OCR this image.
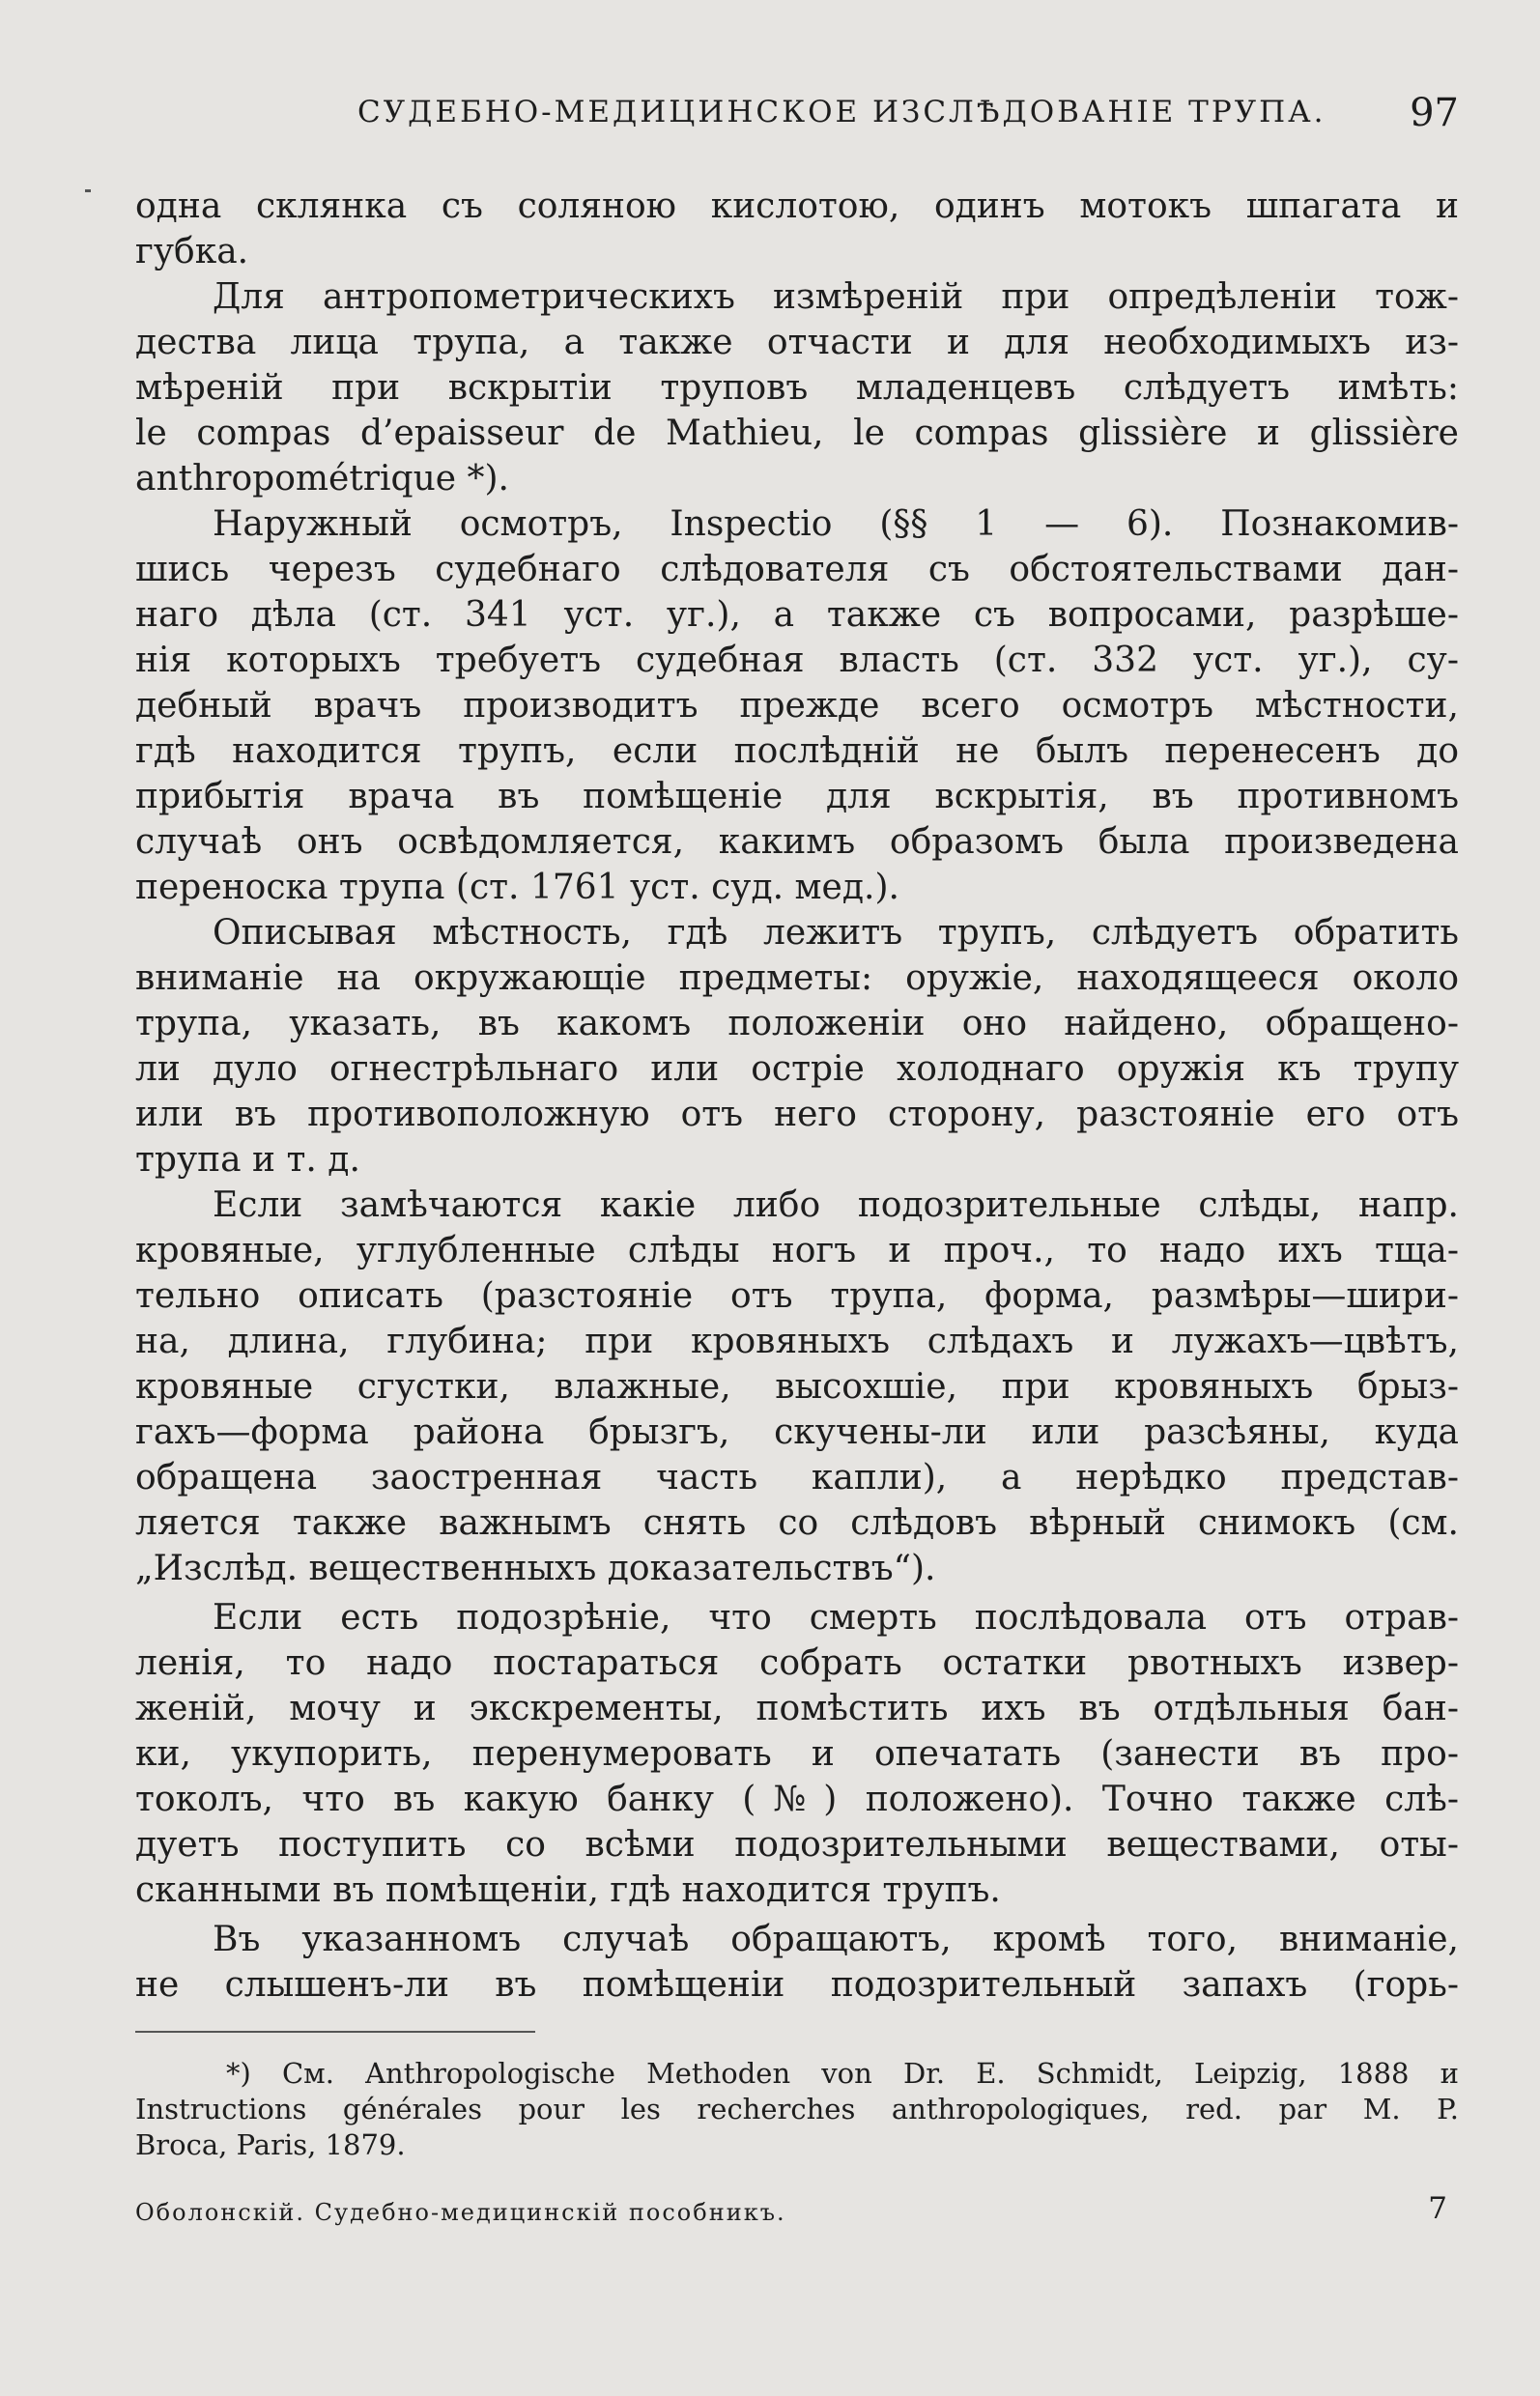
СУДЕБНО-МЕДИЦИНСКОЕ ИЗСЛѢДОВАНІЕ ТРУПА. 97
одна склянка съ соляною кислотою, одинъ мотокъ шпагата и
губка.
Для антропометрическихъ измѣреній при опредѣленіи тож-
дества лица трупа, а также отчасти и для необходимыхъ из-
мѣреній при вскрытіи труповъ младенцевъ слѣдуетъ имѣть:
le compas d’epaisseur de Mathieu, le compas glissière и glissière
anthropométrique *).
Наружный осмотръ, Inspectio (§§ 1 — 6). Познакомив-
шись черезъ судебнаго слѣдователя съ обстоятельствами дан-
наго дѣла (ст. 341 уст. уг.), а также съ вопросами, разрѣше-
нія которыхъ требуетъ судебная власть (ст. 332 уст. уг.), су-
дебный врачъ производитъ прежде всего осмотръ мѣстности,
гдѣ находится трупъ, если послѣдній не былъ перенесенъ до
прибытія врача въ помѣщеніе для вскрытія, въ противномъ
случаѣ онъ освѣдомляется, какимъ образомъ была произведена
переноска трупа (ст. 1761 уст. суд. мед.).
Описывая мѣстность, гдѣ лежитъ трупъ, слѣдуетъ обратить
вниманіе на окружающіе предметы: оружіе, находящееся около
трупа, указать, въ какомъ положеніи оно найдено, обращено-
ли дуло огнестрѣльнаго или остріе холоднаго оружія къ трупу
или въ противоположную отъ него сторону, разстояніе его отъ
трупа и т. д.
Если замѣчаются какіе либо подозрительные слѣды, напр.
кровяные, углубленные слѣды ногъ и проч., то надо ихъ тща-
тельно описать (разстояніе отъ трупа, форма, размѣры—шири-
на, длина, глубина; при кровяныхъ слѣдахъ и лужахъ—цвѣтъ,
кровяные сгустки, влажные, высохшіе, при кровяныхъ брыз-
гахъ—форма района брызгъ, скучены-ли или разсѣяны, куда
обращена заостренная часть капли), а нерѣдко представ-
ляется также важнымъ снять со слѣдовъ вѣрный снимокъ (см.
„Изслѣд. вещественныхъ доказательствъ“).
Если есть подозрѣніе, что смерть послѣдовала отъ отрав-
ленія, то надо постараться собрать остатки рвотныхъ извер-
женій, мочу и экскременты, помѣстить ихъ въ отдѣльныя бан-
ки, укупорить, перенумеровать и опечатать (занести въ про-
токолъ, что въ какую банку (№) положено). Точно также слѣ-
дуетъ поступить со всѣми подозрительными веществами, оты-
сканными въ помѣщеніи, гдѣ находится трупъ.
Въ указанномъ случаѣ обращаютъ, кромѣ того, вниманіе,
не слышенъ-ли въ помѣщеніи подозрительный запахъ (горь-
*) См. Anthropologische Methoden von Dr. E. Schmidt, Leipzig, 1888 и
Instructions générales pour les recherches anthropologiques, red. par M. P.
Broca, Paris, 1879.
Оболонскій. Судебно-медицинскій пособникъ.	7
